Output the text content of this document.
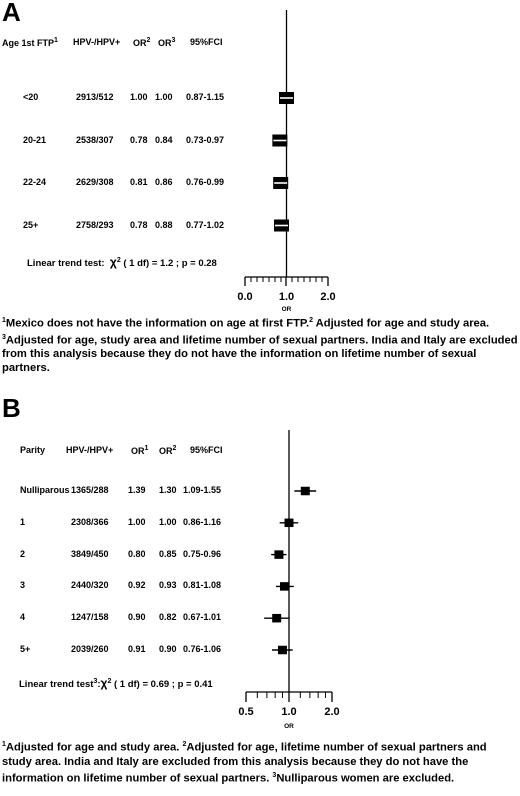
A
Age 1st FTP$^1$ $HPV-/HPV+ OR^2$ $OR^3$ 95%FCI
<20	2913/512 1.00 1.00 0.87-1.15
20-21	2538/307 0.78 0.84 0.73-0.97
22-24	2629/308 0.81 0.86 0.76-0.99
25+	2758/293 0.78 0.88 0.77-1.02
Linear trend test: $\chi^2$ ( 1 df) = 1.2 ; p = 0.28
$^1$Mexico does not have the information on age at first FTP.$^2$ Adjusted for age and study area. $^3$Adjusted for age, study area and lifetime number of sexual partners. India and Italy are excluded from this analysis because they do not have the information on lifetime number of sexual partners.
B
Parity $HPV-/HPV+ OR^1$ $OR^2$ 95%FCI
Nulliparous 1365/288 1.39 1.30 1.09-1.55
1	2308/366 1.00 1.00 0.86-1.16
2	3849/450 0.80 0.85 0.75-0.96
3	2440/320 0.92 0.93 0.81-1.08
4	1247/158 0.90 0.82 0.67-1.01
5+	2039/260 0.91 0.90 0.76-1.06
Linear trend $test^3:\chi^2$ ( 1 df) = 0.69 ; p = 0.41
$^1$Adjusted for age and study area. $^2$Adjusted for age, lifetime number of sexual partners and study area. India and Italy are excluded from this analysis because they do not have the information on lifetime number of sexual partners. $^3$Nulliparous women are excluded.
0.0 1.0 2.0
OR
0.5	1.0	2.0
OR
